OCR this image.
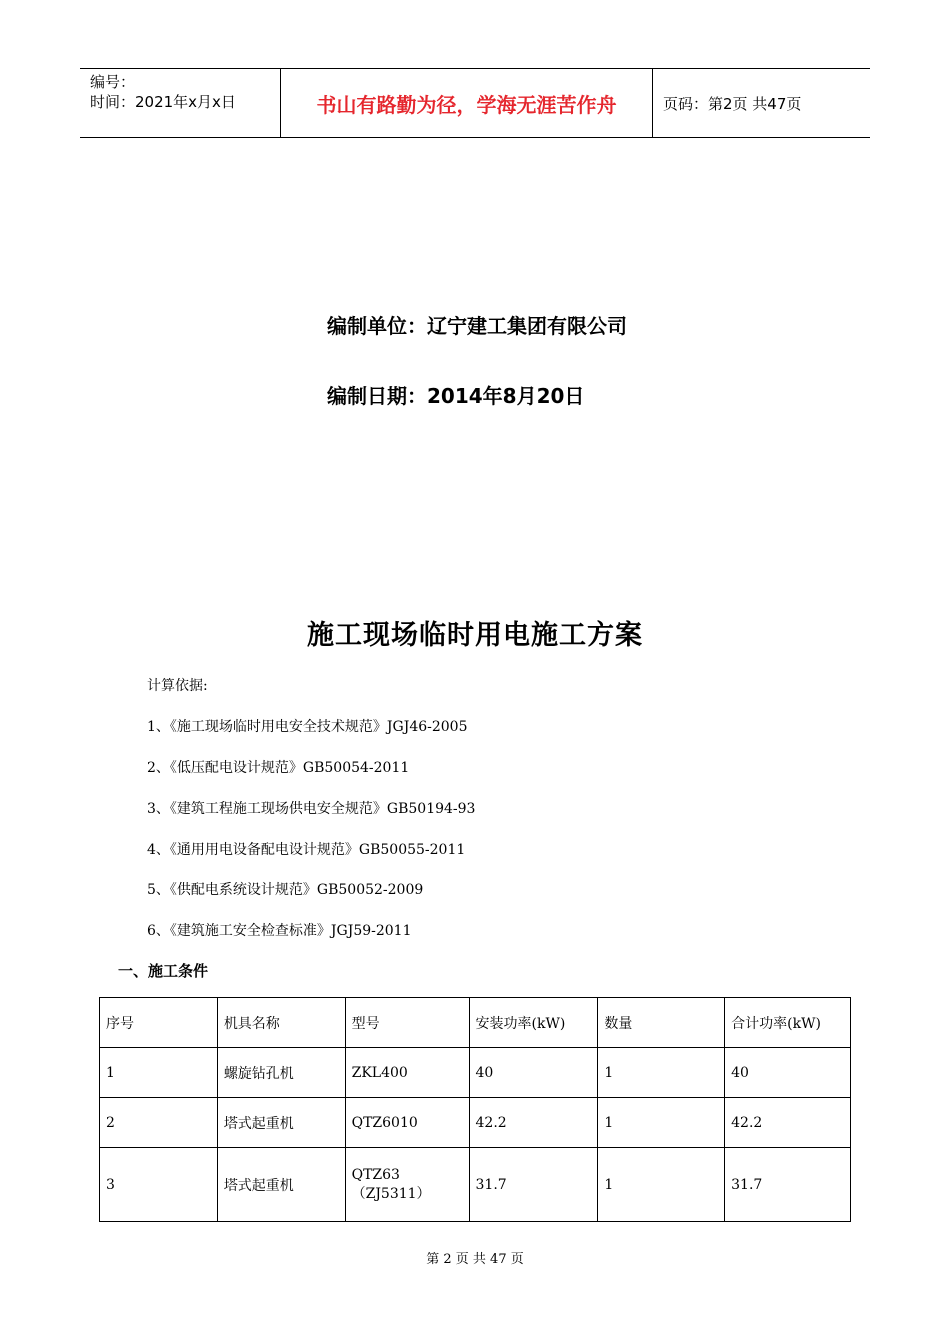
编号：
时间：2021年x月x日	书山有路勤为径，学海无涯苦作舟	页码：第2页 共47页
编制单位：辽宁建工集团有限公司
编制日期：2014年8月20日
施工现场临时用电施工方案
计算依据:
1、《施工现场临时用电安全技术规范》JGJ46-2005
2、《低压配电设计规范》GB50054-2011
3、《建筑工程施工现场供电安全规范》GB50194-93
4、《通用用电设备配电设计规范》GB50055-2011
5、《供配电系统设计规范》GB50052-2009
6、《建筑施工安全检查标准》JGJ59-2011
一、施工条件
序号	机具名称	型号	安装功率(kW)	数量	合计功率(kW)
1	螺旋钻孔机	ZKL400	40	1	40
2	塔式起重机	QTZ6010	42.2	1	42.2
3	塔式起重机	QTZ63（ZJ5311）	31.7	1	31.7
第 2 页 共 47 页
